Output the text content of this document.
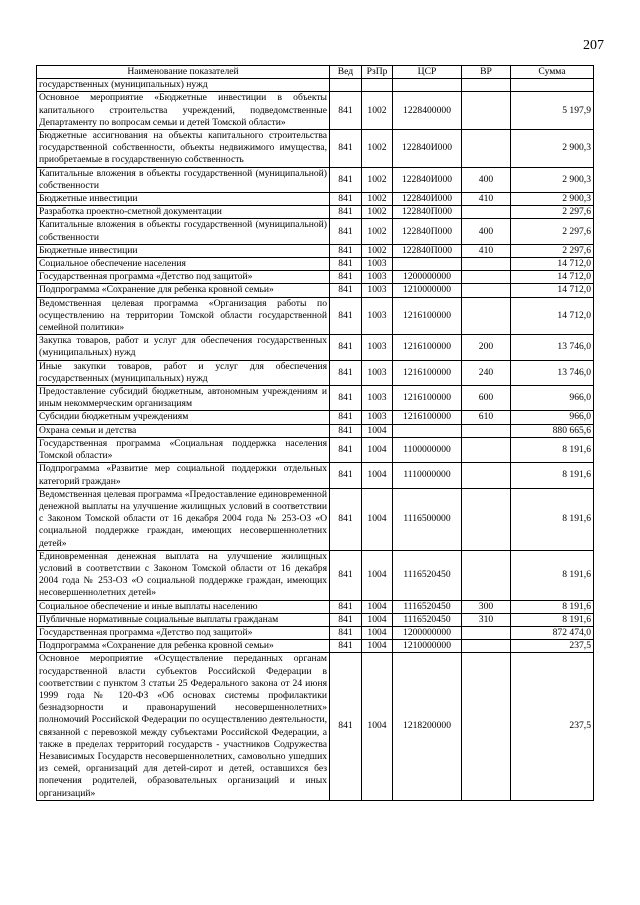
207
Наименование показателей	Вед	РзПр	ЦСР	ВР	Сумма
государственных (муниципальных) нужд					
Основное мероприятие «Бюджетные инвестиции в объекты капитального строительства учреждений, подведомственные Департаменту по вопросам семьи и детей Томской области»	841	1002	1228400000		5 197,9
Бюджетные ассигнования на объекты капитального строительства государственной собственности, объекты недвижимого имущества, приобретаемые в государственную собственность	841	1002	122840И000		2 900,3
Капитальные вложения в объекты государственной (муниципальной) собственности	841	1002	122840И000	400	2 900,3
Бюджетные инвестиции	841	1002	122840И000	410	2 900,3
Разработка проектно-сметной документации	841	1002	122840П000		2 297,6
Капитальные вложения в объекты государственной (муниципальной) собственности	841	1002	122840П000	400	2 297,6
Бюджетные инвестиции	841	1002	122840П000	410	2 297,6
Социальное обеспечение населения	841	1003			14 712,0
Государственная программа «Детство под защитой»	841	1003	1200000000		14 712,0
Подпрограмма «Сохранение для ребенка кровной семьи»	841	1003	1210000000		14 712,0
Ведомственная целевая программа «Организация работы по осуществлению на территории Томской области государственной семейной политики»	841	1003	1216100000		14 712,0
Закупка товаров, работ и услуг для обеспечения государственных (муниципальных) нужд	841	1003	1216100000	200	13 746,0
Иные закупки товаров, работ и услуг для обеспечения государственных (муниципальных) нужд	841	1003	1216100000	240	13 746,0
Предоставление субсидий бюджетным, автономным учреждениям и иным некоммерческим организациям	841	1003	1216100000	600	966,0
Субсидии бюджетным учреждениям	841	1003	1216100000	610	966,0
Охрана семьи и детства	841	1004			880 665,6
Государственная программа «Социальная поддержка населения Томской области»	841	1004	1100000000		8 191,6
Подпрограмма «Развитие мер социальной поддержки отдельных категорий граждан»	841	1004	1110000000		8 191,6
Ведомственная целевая программа «Предоставление единовременной денежной выплаты на улучшение жилищных условий в соответствии с Законом Томской области от 16 декабря 2004 года № 253-ОЗ «О социальной поддержке граждан, имеющих несовершеннолетних детей»	841	1004	1116500000		8 191,6
Единовременная денежная выплата на улучшение жилищных условий в соответствии с Законом Томской области от 16 декабря 2004 года № 253-ОЗ «О социальной поддержке граждан, имеющих несовершеннолетних детей»	841	1004	1116520450		8 191,6
Социальное обеспечение и иные выплаты населению	841	1004	1116520450	300	8 191,6
Публичные нормативные социальные выплаты гражданам	841	1004	1116520450	310	8 191,6
Государственная программа «Детство под защитой»	841	1004	1200000000		872 474,0
Подпрограмма «Сохранение для ребенка кровной семьи»	841	1004	1210000000		237,5
Основное мероприятие «Осуществление переданных органам государственной власти субъектов Российской Федерации в соответствии с пунктом 3 статьи 25 Федерального закона от 24 июня 1999 года № 120-ФЗ «Об основах системы профилактики безнадзорности и правонарушений несовершеннолетних» полномочий Российской Федерации по осуществлению деятельности, связанной с перевозкой между субъектами Российской Федерации, а также в пределах территорий государств - участников Содружества Независимых Государств несовершеннолетних, самовольно ушедших из семей, организаций для детей-сирот и детей, оставшихся без попечения родителей, образовательных организаций и иных организаций»	841	1004	1218200000		237,5
